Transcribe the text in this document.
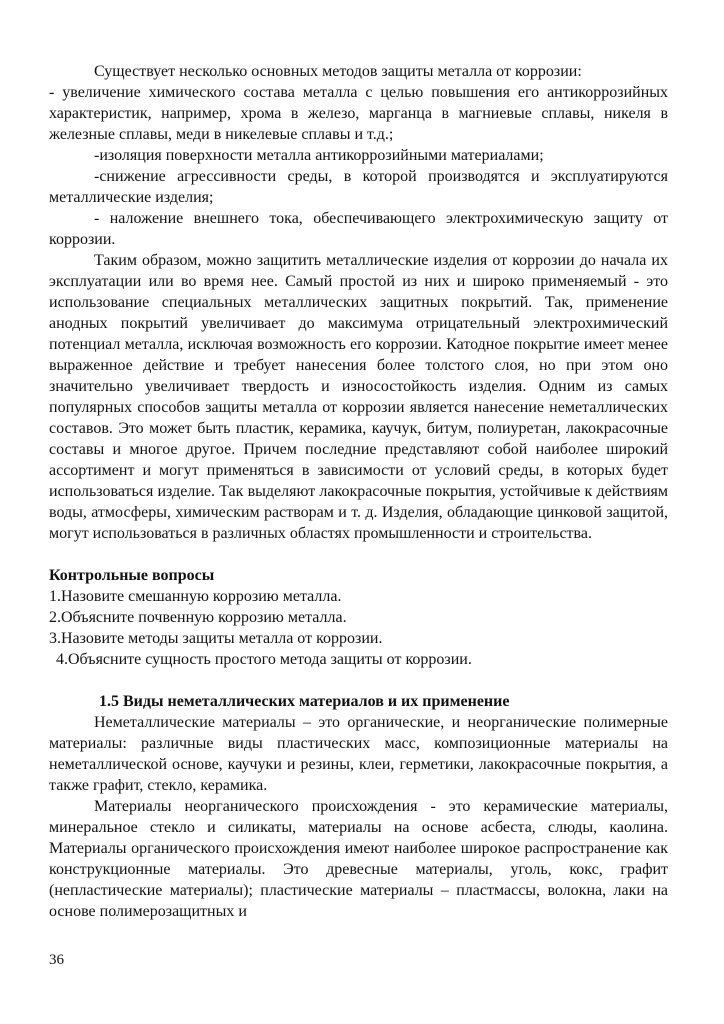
Существует несколько основных методов защиты металла от коррозии:

- увеличение химического состава металла с целью повышения его антикоррозийных характеристик, например, хрома в железо, марганца в магниевые сплавы, никеля в железные сплавы, меди в никелевые сплавы и т.д.;

-изоляция поверхности металла антикоррозийными материалами;

-снижение агрессивности среды, в которой производятся и эксплуатируются металлические изделия;

- наложение внешнего тока, обеспечивающего электрохимическую защиту от коррозии.

Таким образом, можно защитить металлические изделия от коррозии до начала их эксплуатации или во время нее. Самый простой из них и широко применяемый - это использование специальных металлических защитных покрытий. Так, применение анодных покрытий увеличивает до максимума отрицательный электрохимический потенциал металла, исключая возможность его коррозии. Катодное покрытие имеет менее выраженное действие и требует нанесения более толстого слоя, но при этом оно значительно увеличивает твердость и износостойкость изделия. Одним из самых популярных способов защиты металла от коррозии является нанесение неметаллических составов. Это может быть пластик, керамика, каучук, битум, полиуретан, лакокрасочные составы и многое другое. Причем последние представляют собой наиболее широкий ассортимент и могут применяться в зависимости от условий среды, в которых будет использоваться изделие. Так выделяют лакокрасочные покрытия, устойчивые к действиям воды, атмосферы, химическим растворам и т. д. Изделия, обладающие цинковой защитой, могут использоваться в различных областях промышленности и строительства.

Контрольные вопросы

1.Назовите смешанную коррозию металла.

2.Объясните почвенную коррозию металла.

3.Назовите методы защиты металла от коррозии.

4.Объясните сущность простого метода защиты от коррозии.

1.5 Виды неметаллических материалов и их применение

Неметаллические материалы – это органические, и неорганические полимерные материалы: различные виды пластических масс, композиционные материалы на неметаллической основе, каучуки и резины, клеи, герметики, лакокрасочные покрытия, а также графит, стекло, керамика.

Материалы неорганического происхождения - это керамические материалы, минеральное стекло и силикаты, материалы на основе асбеста, слюды, каолина. Материалы органического происхождения имеют наиболее широкое распространение как конструкционные материалы. Это древесные материалы, уголь, кокс, графит (непластические материалы); пластические материалы – пластмассы, волокна, лаки на основе полимерозащитных и

36
